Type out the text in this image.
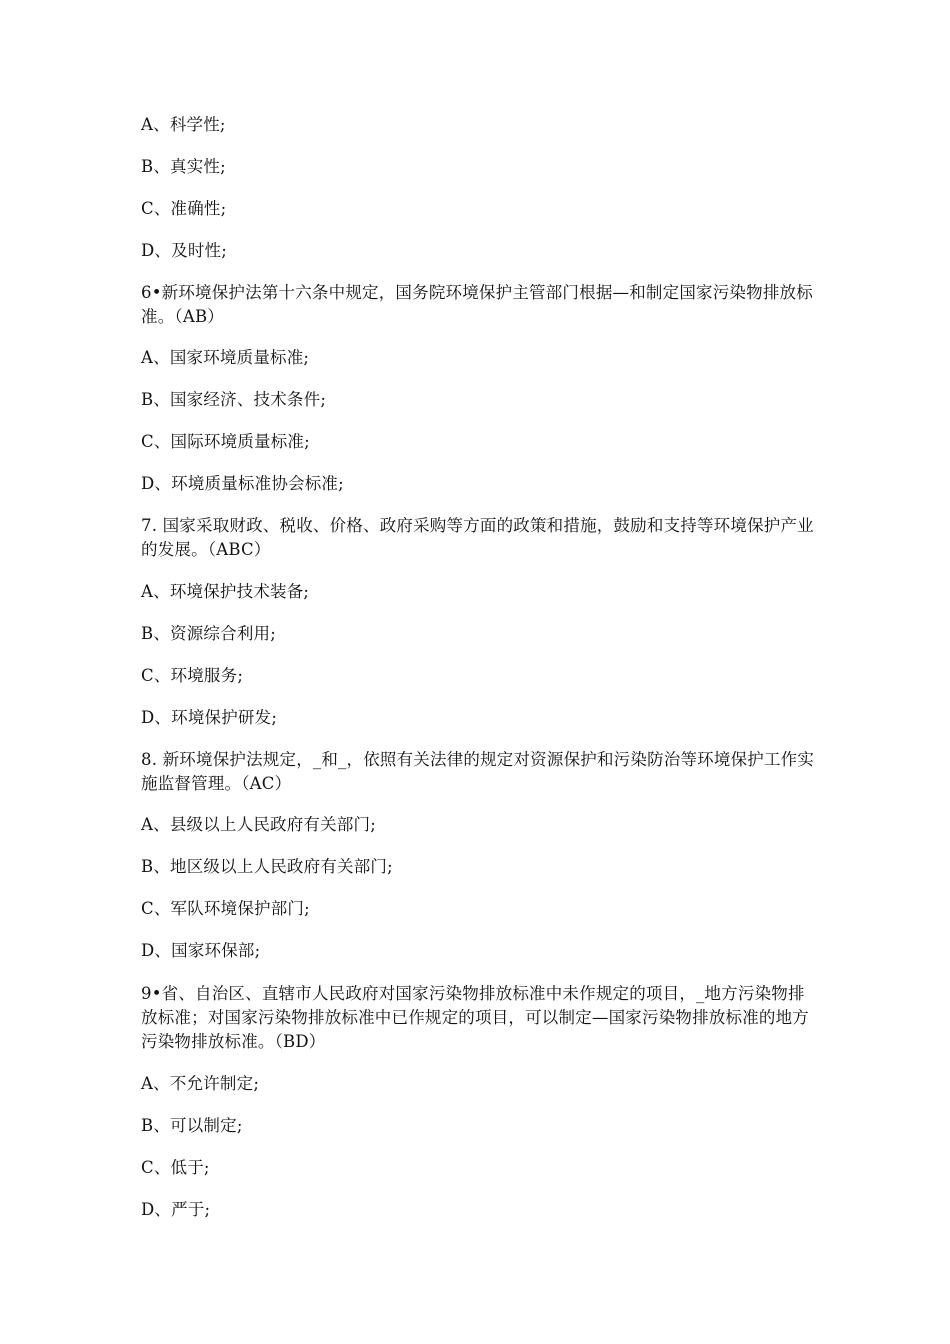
A、科学性;
B、真实性;
C、准确性;
D、及时性;
6•新环境保护法第十六条中规定，国务院环境保护主管部门根据—和制定国家污染物排放标准。（AB）
A、国家环境质量标准;
B、国家经济、技术条件;
C、国际环境质量标准;
D、环境质量标准协会标准;
7. 国家采取财政、税收、价格、政府采购等方面的政策和措施，鼓励和支持等环境保护产业的发展。（ABC）
A、环境保护技术装备;
B、资源综合利用;
C、环境服务;
D、环境保护研发;
8. 新环境保护法规定，_和_，依照有关法律的规定对资源保护和污染防治等环境保护工作实施监督管理。（AC）
A、县级以上人民政府有关部门;
B、地区级以上人民政府有关部门;
C、军队环境保护部门;
D、国家环保部;
9•省、自治区、直辖市人民政府对国家污染物排放标准中未作规定的项目，_地方污染物排放标准；对国家污染物排放标准中已作规定的项目，可以制定—国家污染物排放标准的地方污染物排放标准。（BD）
A、不允许制定;
B、可以制定;
C、低于;
D、严于;
